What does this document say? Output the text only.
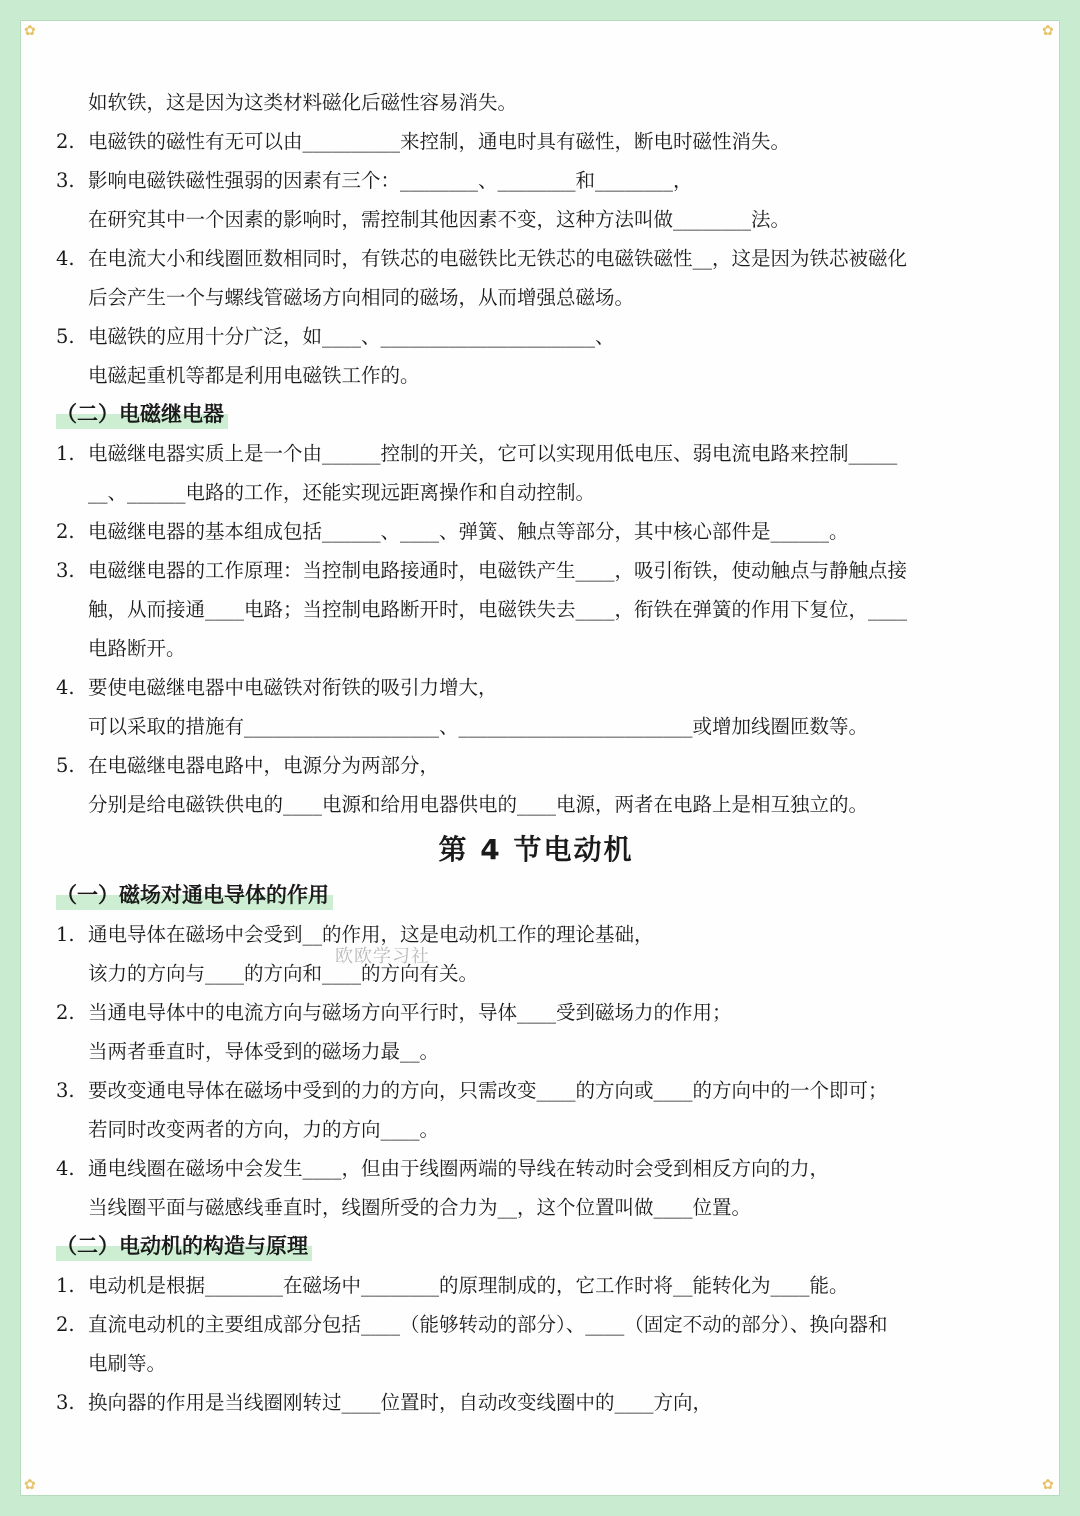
✿	✿
✿	✿
如软铁，这是因为这类材料磁化后磁性容易消失。
2. 电磁铁的磁性有无可以由__________来控制，通电时具有磁性，断电时磁性消失。
3. 影响电磁铁磁性强弱的因素有三个：________、________和________，
在研究其中一个因素的影响时，需控制其他因素不变，这种方法叫做________法。
4. 在电流大小和线圈匝数相同时，有铁芯的电磁铁比无铁芯的电磁铁磁性__，这是因为铁芯被磁化
后会产生一个与螺线管磁场方向相同的磁场，从而增强总磁场。
5. 电磁铁的应用十分广泛，如____、______________________、
电磁起重机等都是利用电磁铁工作的。
（二）电磁继电器
1. 电磁继电器实质上是一个由______控制的开关，它可以实现用低电压、弱电流电路来控制_____
__、______电路的工作，还能实现远距离操作和自动控制。
2. 电磁继电器的基本组成包括______、____、弹簧、触点等部分，其中核心部件是______。
3. 电磁继电器的工作原理：当控制电路接通时，电磁铁产生____，吸引衔铁，使动触点与静触点接
触，从而接通____电路；当控制电路断开时，电磁铁失去____，衔铁在弹簧的作用下复位，____
电路断开。
4. 要使电磁继电器中电磁铁对衔铁的吸引力增大，
可以采取的措施有____________________、________________________或增加线圈匝数等。
5. 在电磁继电器电路中，电源分为两部分，
分别是给电磁铁供电的____电源和给用电器供电的____电源，两者在电路上是相互独立的。
第 4 节电动机
（一）磁场对通电导体的作用
1. 通电导体在磁场中会受到__的作用，这是电动机工作的理论基础，
该力的方向与____的方向和____的方向有关。
2. 当通电导体中的电流方向与磁场方向平行时，导体____受到磁场力的作用；
当两者垂直时，导体受到的磁场力最__。
3. 要改变通电导体在磁场中受到的力的方向，只需改变____的方向或____的方向中的一个即可；
若同时改变两者的方向，力的方向____。
4. 通电线圈在磁场中会发生____，但由于线圈两端的导线在转动时会受到相反方向的力，
当线圈平面与磁感线垂直时，线圈所受的合力为__，这个位置叫做____位置。
（二）电动机的构造与原理
1. 电动机是根据________在磁场中________的原理制成的，它工作时将__能转化为____能。
2. 直流电动机的主要组成部分包括____（能够转动的部分）、____（固定不动的部分）、换向器和
电刷等。
3. 换向器的作用是当线圈刚转过____位置时，自动改变线圈中的____方向，
欧欧学习社
